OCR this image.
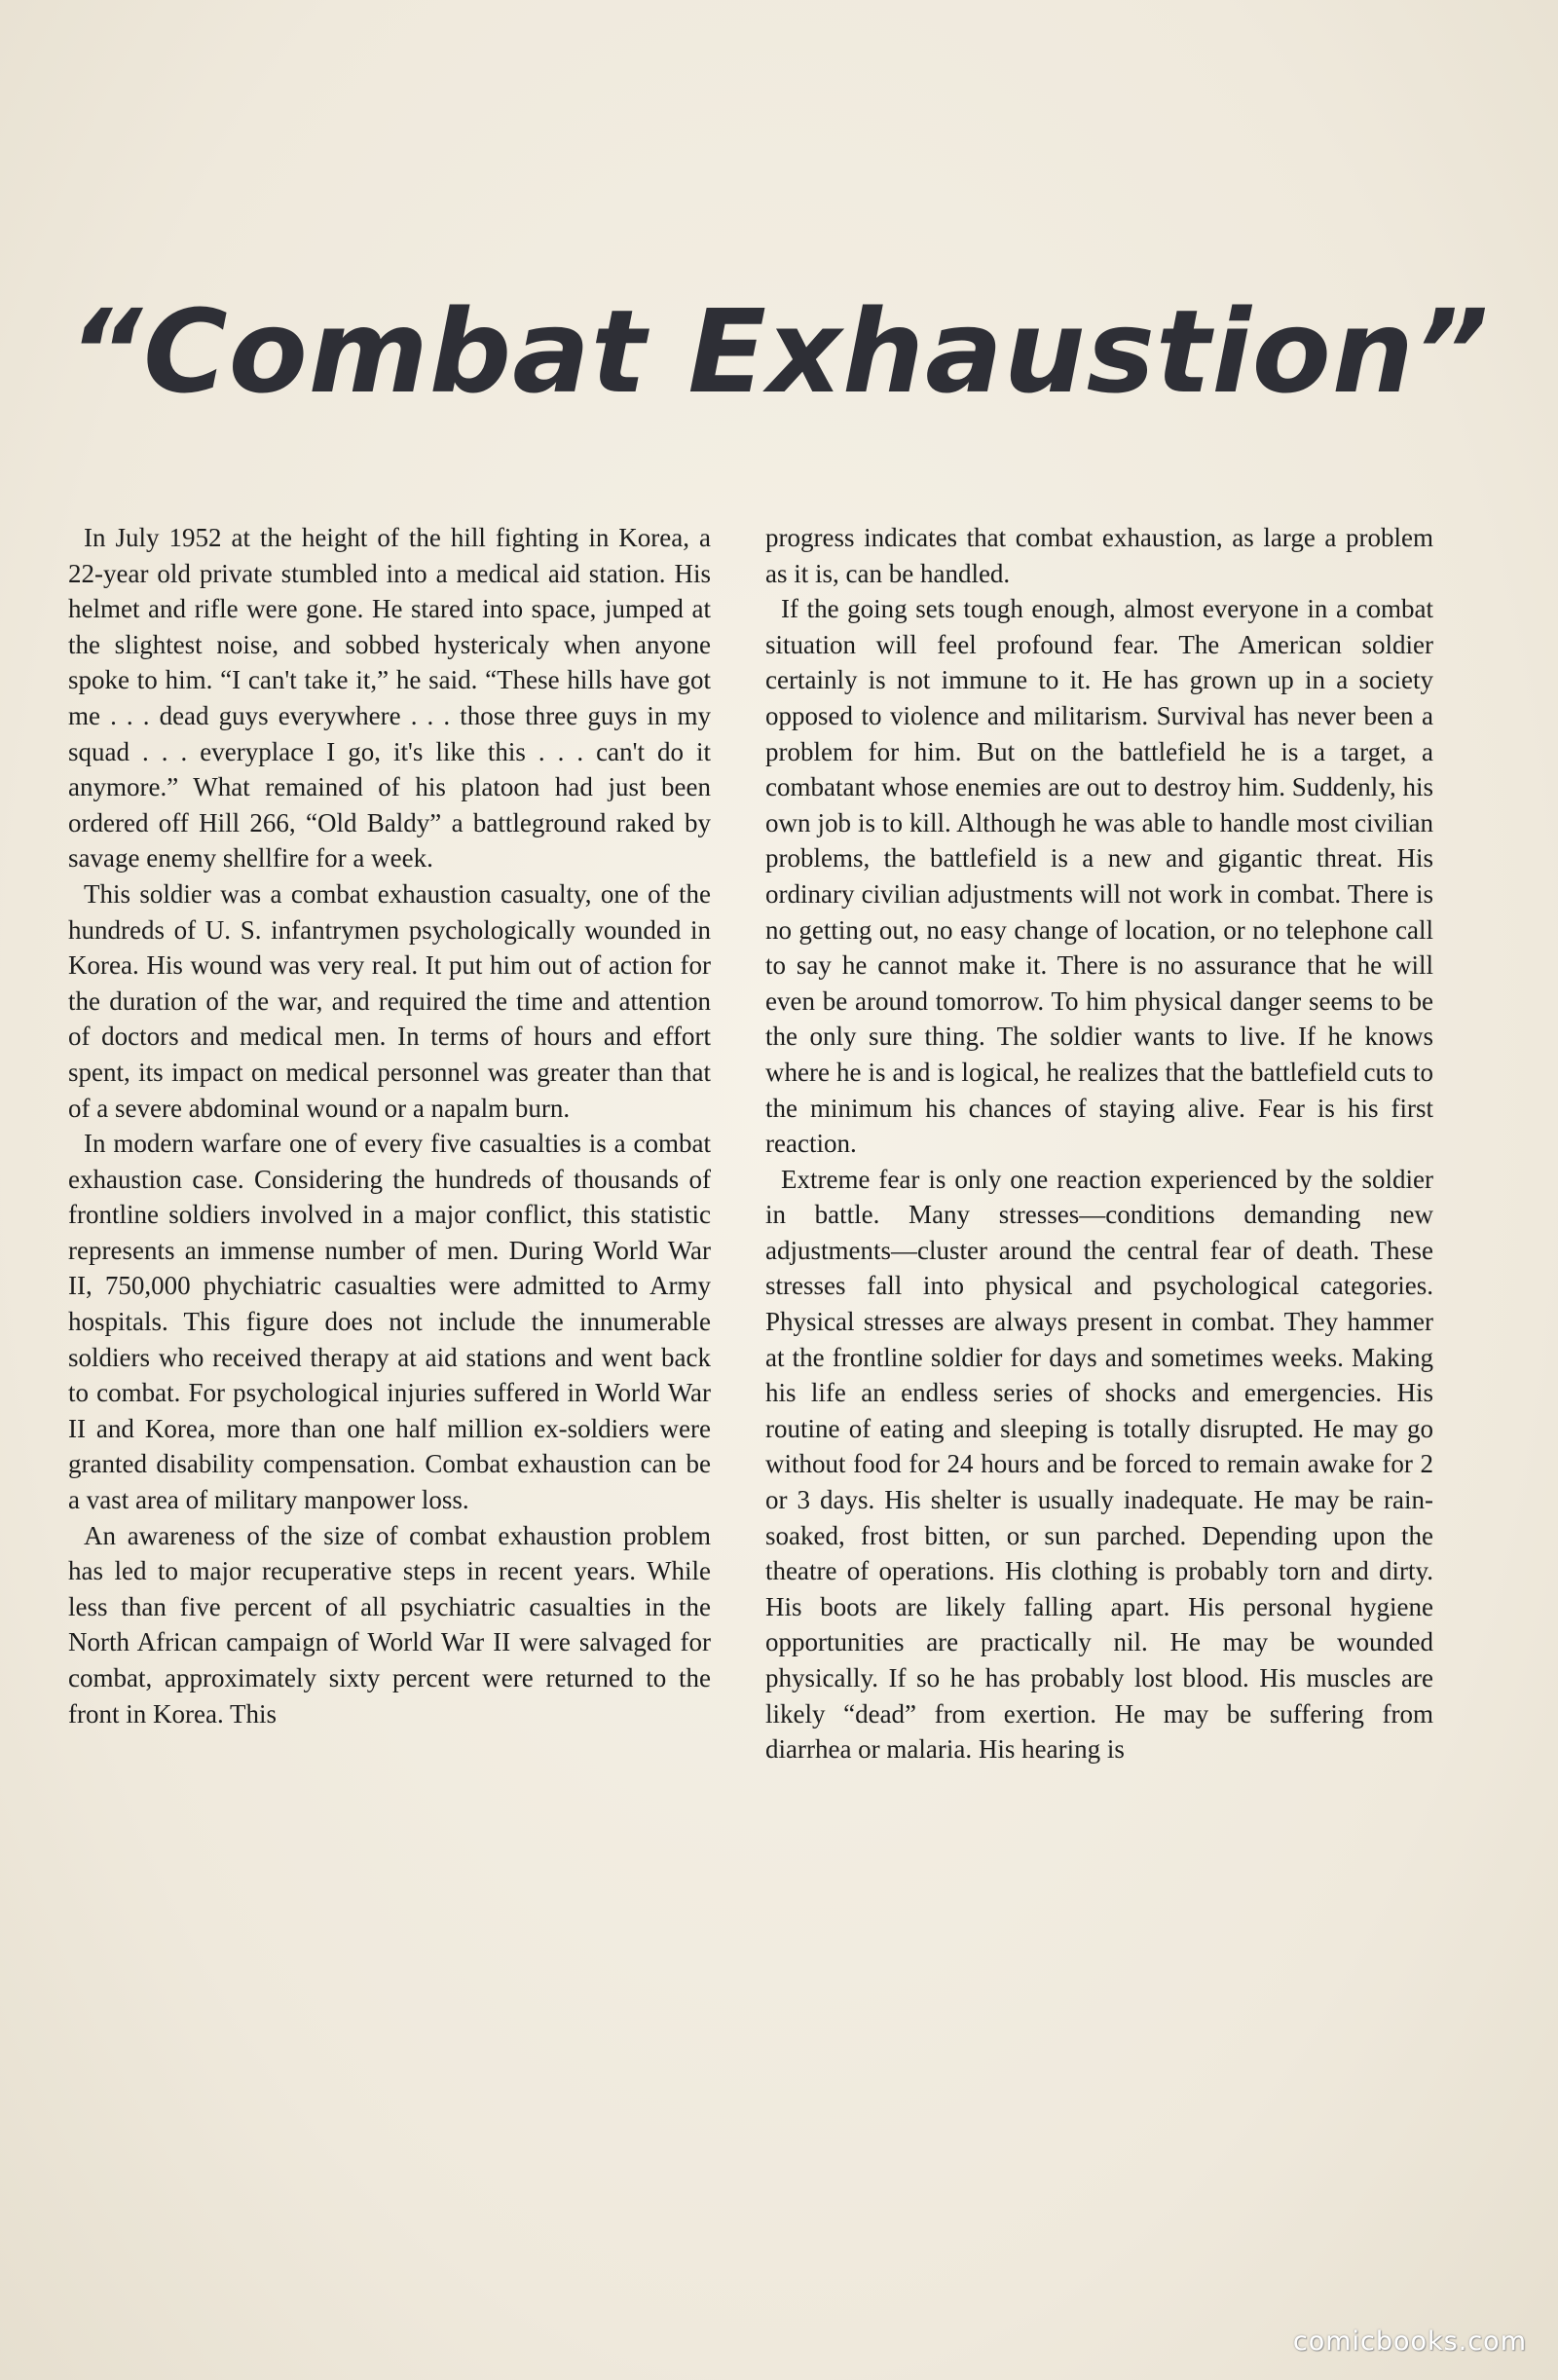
“Combat Exhaustion”

In July 1952 at the height of the hill fighting in Korea, a 22-year old private stumbled into a medical aid station. His helmet and rifle were gone. He stared into space, jumped at the slightest noise, and sobbed hystericaly when anyone spoke to him. “I can't take it,” he said. “These hills have got me . . . dead guys everywhere . . . those three guys in my squad . . . everyplace I go, it's like this . . . can't do it anymore.” What remained of his platoon had just been ordered off Hill 266, “Old Baldy” a battleground raked by savage enemy shellfire for a week.

This soldier was a combat exhaustion casualty, one of the hundreds of U. S. infantrymen psychologically wounded in Korea. His wound was very real. It put him out of action for the duration of the war, and required the time and attention of doctors and medical men. In terms of hours and effort spent, its impact on medical personnel was greater than that of a severe abdominal wound or a napalm burn.

In modern warfare one of every five casualties is a combat exhaustion case. Considering the hundreds of thousands of frontline soldiers involved in a major conflict, this statistic represents an immense number of men. During World War II, 750,000 phychiatric casualties were admitted to Army hospitals. This figure does not include the innumerable soldiers who received therapy at aid stations and went back to combat. For psychological injuries suffered in World War II and Korea, more than one half million ex-soldiers were granted disability compensation. Combat exhaustion can be a vast area of military manpower loss.

An awareness of the size of combat exhaustion problem has led to major recuperative steps in recent years. While less than five percent of all psychiatric casualties in the North African campaign of World War II were salvaged for combat, approximately sixty percent were returned to the front in Korea. This

progress indicates that combat exhaustion, as large a problem as it is, can be handled.

If the going sets tough enough, almost everyone in a combat situation will feel profound fear. The American soldier certainly is not immune to it. He has grown up in a society opposed to violence and militarism. Survival has never been a problem for him. But on the battlefield he is a target, a combatant whose enemies are out to destroy him. Suddenly, his own job is to kill. Although he was able to handle most civilian problems, the battlefield is a new and gigantic threat. His ordinary civilian adjustments will not work in combat. There is no getting out, no easy change of location, or no telephone call to say he cannot make it. There is no assurance that he will even be around tomorrow. To him physical danger seems to be the only sure thing. The soldier wants to live. If he knows where he is and is logical, he realizes that the battlefield cuts to the minimum his chances of staying alive. Fear is his first reaction.

Extreme fear is only one reaction experienced by the soldier in battle. Many stresses—conditions demanding new adjustments—cluster around the central fear of death. These stresses fall into physical and psychological categories. Physical stresses are always present in combat. They hammer at the frontline soldier for days and sometimes weeks. Making his life an endless series of shocks and emergencies. His routine of eating and sleeping is totally disrupted. He may go without food for 24 hours and be forced to remain awake for 2 or 3 days. His shelter is usually inadequate. He may be rain-soaked, frost bitten, or sun parched. Depending upon the theatre of operations. His clothing is probably torn and dirty. His boots are likely falling apart. His personal hygiene opportunities are practically nil. He may be wounded physically. If so he has probably lost blood. His muscles are likely “dead” from exertion. He may be suffering from diarrhea or malaria. His hearing is

comicbooks.com
